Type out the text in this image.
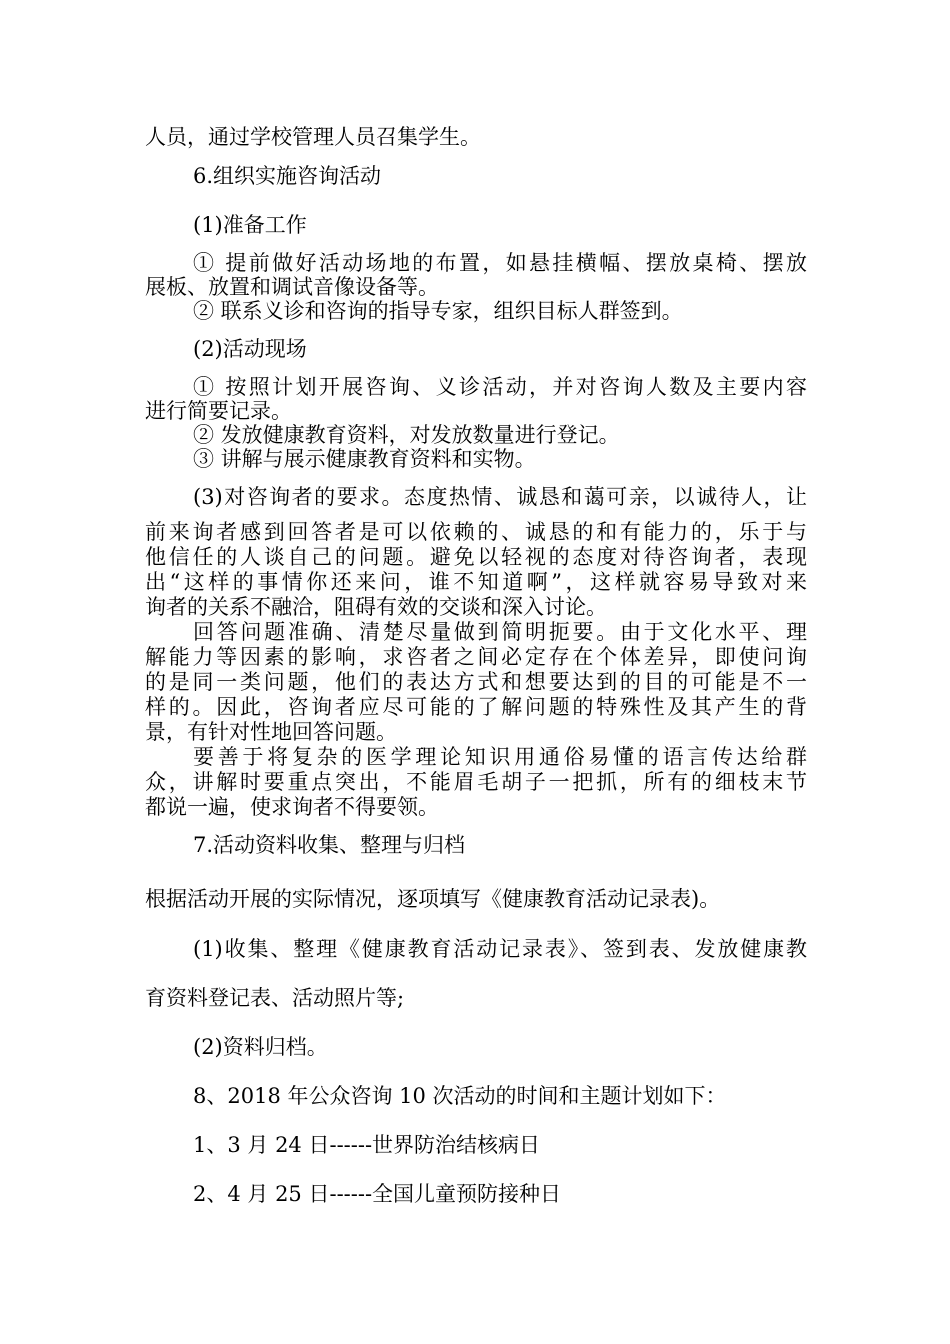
人员，通过学校管理人员召集学生。

6.组织实施咨询活动

(1)准备工作

① 提前做好活动场地的布置，如悬挂横幅、摆放桌椅、摆放

展板、放置和调试音像设备等。

② 联系义诊和咨询的指导专家，组织目标人群签到。

(2)活动现场

① 按照计划开展咨询、义诊活动，并对咨询人数及主要内容

进行简要记录。

② 发放健康教育资料，对发放数量进行登记。

③ 讲解与展示健康教育资料和实物。

(3)对咨询者的要求。态度热情、诚恳和蔼可亲，以诚待人，让

前来询者感到回答者是可以依赖的、诚恳的和有能力的，乐于与

他信任的人谈自己的问题。避免以轻视的态度对待咨询者，表现

出“这样的事情你还来问，谁不知道啊”，这样就容易导致对来

询者的关系不融洽，阻碍有效的交谈和深入讨论。

回答问题准确、清楚尽量做到简明扼要。由于文化水平、理

解能力等因素的影响，求咨者之间必定存在个体差异，即使问询

的是同一类问题，他们的表达方式和想要达到的目的可能是不一

样的。因此，咨询者应尽可能的了解问题的特殊性及其产生的背

景，有针对性地回答问题。

要善于将复杂的医学理论知识用通俗易懂的语言传达给群

众，讲解时要重点突出，不能眉毛胡子一把抓，所有的细枝末节

都说一遍，使求询者不得要领。

7.活动资料收集、整理与归档

根据活动开展的实际情况，逐项填写《健康教育活动记录表)。

(1)收集、整理《健康教育活动记录表》、签到表、发放健康教

育资料登记表、活动照片等;

(2)资料归档。

8、2018 年公众咨询 10 次活动的时间和主题计划如下：

1、3 月 24 日------世界防治结核病日

2、4 月 25 日------全国儿童预防接种日
